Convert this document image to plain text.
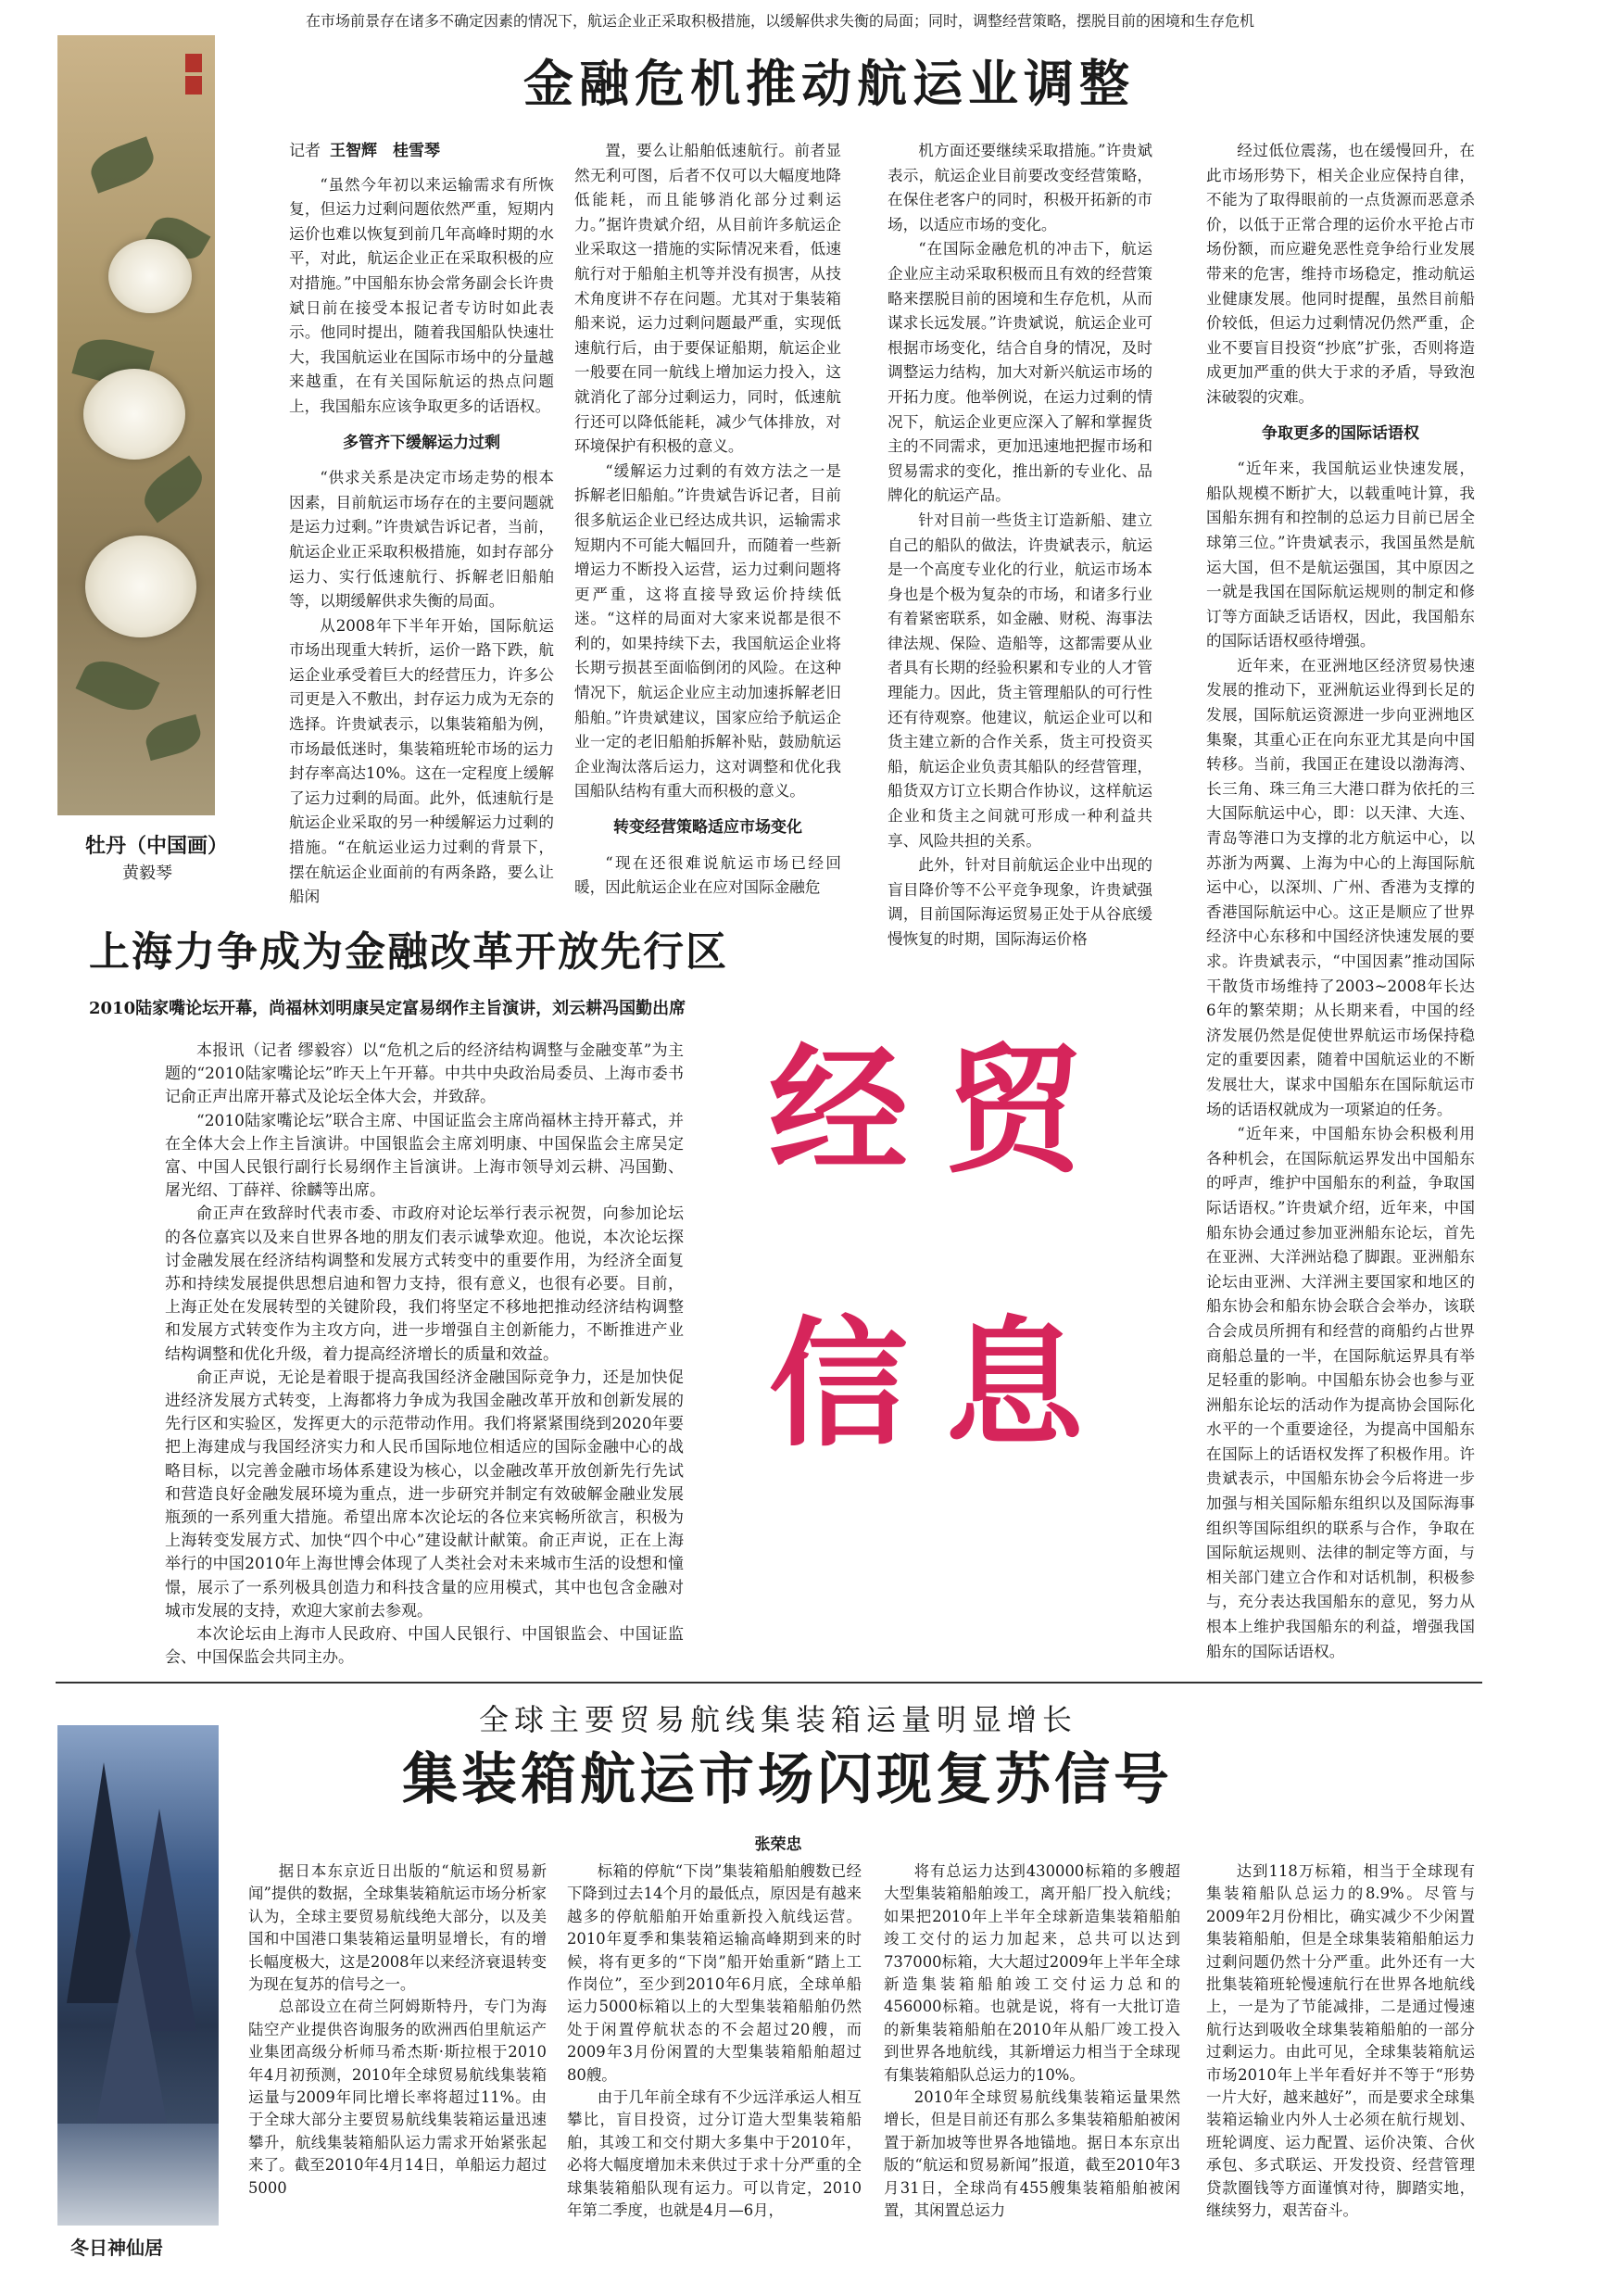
在市场前景存在诸多不确定因素的情况下，航运企业正采取积极措施，以缓解供求失衡的局面；同时，调整经营策略，摆脱目前的困境和生存危机
金融危机推动航运业调整
牡丹（中国画）
黄毅琴
记者 王智辉　桂雪琴

“虽然今年初以来运输需求有所恢复，但运力过剩问题依然严重，短期内运价也难以恢复到前几年高峰时期的水平，对此，航运企业正在采取积极的应对措施。”中国船东协会常务副会长许贵斌日前在接受本报记者专访时如此表示。他同时提出，随着我国船队快速壮大，我国航运业在国际市场中的分量越来越重，在有关国际航运的热点问题上，我国船东应该争取更多的话语权。

多管齐下缓解运力过剩

“供求关系是决定市场走势的根本因素，目前航运市场存在的主要问题就是运力过剩。”许贵斌告诉记者，当前，航运企业正采取积极措施，如封存部分运力、实行低速航行、拆解老旧船舶等，以期缓解供求失衡的局面。

从2008年下半年开始，国际航运市场出现重大转折，运价一路下跌，航运企业承受着巨大的经营压力，许多公司更是入不敷出，封存运力成为无奈的选择。许贵斌表示，以集装箱船为例，市场最低迷时，集装箱班轮市场的运力封存率高达10%。这在一定程度上缓解了运力过剩的局面。此外，低速航行是航运企业采取的另一种缓解运力过剩的措施。“在航运业运力过剩的背景下，摆在航运企业面前的有两条路，要么让船闲

置，要么让船舶低速航行。前者显然无利可图，后者不仅可以大幅度地降低能耗，而且能够消化部分过剩运力。”据许贵斌介绍，从目前许多航运企业采取这一措施的实际情况来看，低速航行对于船舶主机等并没有损害，从技术角度讲不存在问题。尤其对于集装箱船来说，运力过剩问题最严重，实现低速航行后，由于要保证船期，航运企业一般要在同一航线上增加运力投入，这就消化了部分过剩运力，同时，低速航行还可以降低能耗，减少气体排放，对环境保护有积极的意义。

“缓解运力过剩的有效方法之一是拆解老旧船舶。”许贵斌告诉记者，目前很多航运企业已经达成共识，运输需求短期内不可能大幅回升，而随着一些新增运力不断投入运营，运力过剩问题将更严重，这将直接导致运价持续低迷。“这样的局面对大家来说都是很不利的，如果持续下去，我国航运企业将长期亏损甚至面临倒闭的风险。在这种情况下，航运企业应主动加速拆解老旧船舶。”许贵斌建议，国家应给予航运企业一定的老旧船舶拆解补贴，鼓励航运企业淘汰落后运力，这对调整和优化我国船队结构有重大而积极的意义。

转变经营策略适应市场变化

“现在还很难说航运市场已经回暖，因此航运企业在应对国际金融危

机方面还要继续采取措施。”许贵斌表示，航运企业目前要改变经营策略，在保住老客户的同时，积极开拓新的市场，以适应市场的变化。

“在国际金融危机的冲击下，航运企业应主动采取积极而且有效的经营策略来摆脱目前的困境和生存危机，从而谋求长远发展。”许贵斌说，航运企业可根据市场变化，结合自身的情况，及时调整运力结构，加大对新兴航运市场的开拓力度。他举例说，在运力过剩的情况下，航运企业更应深入了解和掌握货主的不同需求，更加迅速地把握市场和贸易需求的变化，推出新的专业化、品牌化的航运产品。

针对目前一些货主订造新船、建立自己的船队的做法，许贵斌表示，航运是一个高度专业化的行业，航运市场本身也是个极为复杂的市场，和诸多行业有着紧密联系，如金融、财税、海事法律法规、保险、造船等，这都需要从业者具有长期的经验积累和专业的人才管理能力。因此，货主管理船队的可行性还有待观察。他建议，航运企业可以和货主建立新的合作关系，货主可投资买船，航运企业负责其船队的经营管理，船货双方订立长期合作协议，这样航运企业和货主之间就可形成一种利益共享、风险共担的关系。

此外，针对目前航运企业中出现的盲目降价等不公平竞争现象，许贵斌强调，目前国际海运贸易正处于从谷底缓慢恢复的时期，国际海运价格

经过低位震荡，也在缓慢回升，在此市场形势下，相关企业应保持自律，不能为了取得眼前的一点货源而恶意杀价，以低于正常合理的运价水平抢占市场份额，而应避免恶性竞争给行业发展带来的危害，维持市场稳定，推动航运业健康发展。他同时提醒，虽然目前船价较低，但运力过剩情况仍然严重，企业不要盲目投资“抄底”扩张，否则将造成更加严重的供大于求的矛盾，导致泡沫破裂的灾难。

争取更多的国际话语权

“近年来，我国航运业快速发展，船队规模不断扩大，以载重吨计算，我国船东拥有和控制的总运力目前已居全球第三位。”许贵斌表示，我国虽然是航运大国，但不是航运强国，其中原因之一就是我国在国际航运规则的制定和修订等方面缺乏话语权，因此，我国船东的国际话语权亟待增强。

近年来，在亚洲地区经济贸易快速发展的推动下，亚洲航运业得到长足的发展，国际航运资源进一步向亚洲地区集聚，其重心正在向东亚尤其是向中国转移。当前，我国正在建设以渤海湾、长三角、珠三角三大港口群为依托的三大国际航运中心，即：以天津、大连、青岛等港口为支撑的北方航运中心，以苏浙为两翼、上海为中心的上海国际航运中心，以深圳、广州、香港为支撑的香港国际航运中心。这正是顺应了世界经济中心东移和中国经济快速发展的要求。许贵斌表示，“中国因素”推动国际干散货市场维持了2003~2008年长达6年的繁荣期；从长期来看，中国的经济发展仍然是促使世界航运市场保持稳定的重要因素，随着中国航运业的不断发展壮大，谋求中国船东在国际航运市场的话语权就成为一项紧迫的任务。

“近年来，中国船东协会积极利用各种机会，在国际航运界发出中国船东的呼声，维护中国船东的利益，争取国际话语权。”许贵斌介绍，近年来，中国船东协会通过参加亚洲船东论坛，首先在亚洲、大洋洲站稳了脚跟。亚洲船东论坛由亚洲、大洋洲主要国家和地区的船东协会和船东协会联合会举办，该联合会成员所拥有和经营的商船约占世界商船总量的一半，在国际航运界具有举足轻重的影响。中国船东协会也参与亚洲船东论坛的活动作为提高协会国际化水平的一个重要途径，为提高中国船东在国际上的话语权发挥了积极作用。许贵斌表示，中国船东协会今后将进一步加强与相关国际船东组织以及国际海事组织等国际组织的联系与合作，争取在国际航运规则、法律的制定等方面，与相关部门建立合作和对话机制，积极参与，充分表达我国船东的意见，努力从根本上维护我国船东的利益，增强我国船东的国际话语权。

上海力争成为金融改革开放先行区
2010陆家嘴论坛开幕，尚福林刘明康吴定富易纲作主旨演讲，刘云耕冯国勤出席

本报讯（记者 缪毅容）以“危机之后的经济结构调整与金融变革”为主题的“2010陆家嘴论坛”昨天上午开幕。中共中央政治局委员、上海市委书记俞正声出席开幕式及论坛全体大会，并致辞。

“2010陆家嘴论坛”联合主席、中国证监会主席尚福林主持开幕式，并在全体大会上作主旨演讲。中国银监会主席刘明康、中国保监会主席吴定富、中国人民银行副行长易纲作主旨演讲。上海市领导刘云耕、冯国勤、屠光绍、丁薛祥、徐麟等出席。

俞正声在致辞时代表市委、市政府对论坛举行表示祝贺，向参加论坛的各位嘉宾以及来自世界各地的朋友们表示诚挚欢迎。他说，本次论坛探讨金融发展在经济结构调整和发展方式转变中的重要作用，为经济全面复苏和持续发展提供思想启迪和智力支持，很有意义，也很有必要。目前，上海正处在发展转型的关键阶段，我们将坚定不移地把推动经济结构调整和发展方式转变作为主攻方向，进一步增强自主创新能力，不断推进产业结构调整和优化升级，着力提高经济增长的质量和效益。

俞正声说，无论是着眼于提高我国经济金融国际竞争力，还是加快促进经济发展方式转变，上海都将力争成为我国金融改革开放和创新发展的先行区和实验区，发挥更大的示范带动作用。我们将紧紧围绕到2020年要把上海建成与我国经济实力和人民币国际地位相适应的国际金融中心的战略目标，以完善金融市场体系建设为核心，以金融改革开放创新先行先试和营造良好金融发展环境为重点，进一步研究并制定有效破解金融业发展瓶颈的一系列重大措施。希望出席本次论坛的各位来宾畅所欲言，积极为上海转变发展方式、加快“四个中心”建设献计献策。俞正声说，正在上海举行的中国2010年上海世博会体现了人类社会对未来城市生活的设想和憧憬，展示了一系列极具创造力和科技含量的应用模式，其中也包含金融对城市发展的支持，欢迎大家前去参观。

本次论坛由上海市人民政府、中国人民银行、中国银监会、中国证监会、中国保监会共同主办。

经贸
信息
全球主要贸易航线集装箱运量明显增长
集装箱航运市场闪现复苏信号
张荣忠
冬日神仙居

据日本东京近日出版的“航运和贸易新闻”提供的数据，全球集装箱航运市场分析家认为，全球主要贸易航线绝大部分，以及美国和中国港口集装箱运量明显增长，有的增长幅度极大，这是2008年以来经济衰退转变为现在复苏的信号之一。

总部设立在荷兰阿姆斯特丹，专门为海陆空产业提供咨询服务的欧洲西伯里航运产业集团高级分析师马希杰斯·斯拉根于2010年4月初预测，2010年全球贸易航线集装箱运量与2009年同比增长率将超过11%。由于全球大部分主要贸易航线集装箱运量迅速攀升，航线集装箱船队运力需求开始紧张起来了。截至2010年4月14日，单船运力超过5000

标箱的停航“下岗”集装箱船舶艘数已经下降到过去14个月的最低点，原因是有越来越多的停航船舶开始重新投入航线运营。2010年夏季和集装箱运输高峰期到来的时候，将有更多的“下岗”船开始重新“踏上工作岗位”，至少到2010年6月底，全球单船运力5000标箱以上的大型集装箱船舶仍然处于闲置停航状态的不会超过20艘，而2009年3月份闲置的大型集装箱船舶超过80艘。

由于几年前全球有不少远洋承运人相互攀比，盲目投资，过分订造大型集装箱船舶，其竣工和交付期大多集中于2010年，必将大幅度增加未来供过于求十分严重的全球集装箱船队现有运力。可以肯定，2010年第二季度，也就是4月—6月，

将有总运力达到430000标箱的多艘超大型集装箱船舶竣工，离开船厂投入航线；如果把2010年上半年全球新造集装箱船舶竣工交付的运力加起来，总共可以达到737000标箱，大大超过2009年上半年全球新造集装箱船舶竣工交付运力总和的456000标箱。也就是说，将有一大批订造的新集装箱船舶在2010年从船厂竣工投入到世界各地航线，其新增运力相当于全球现有集装箱船队总运力的10%。

2010年全球贸易航线集装箱运量果然增长，但是目前还有那么多集装箱船舶被闲置于新加坡等世界各地锚地。据日本东京出版的“航运和贸易新闻”报道，截至2010年3月31日，全球尚有455艘集装箱船舶被闲置，其闲置总运力

达到118万标箱，相当于全球现有集装箱船队总运力的8.9%。尽管与2009年2月份相比，确实减少不少闲置集装箱船舶，但是全球集装箱船舶运力过剩问题仍然十分严重。此外还有一大批集装箱班轮慢速航行在世界各地航线上，一是为了节能减排，二是通过慢速航行达到吸收全球集装箱船舶的一部分过剩运力。由此可见，全球集装箱航运市场2010年上半年看好并不等于“形势一片大好，越来越好”，而是要求全球集装箱运输业内外人士必须在航行规划、班轮调度、运力配置、运价决策、合伙承包、多式联运、开发投资、经营管理贷款圈钱等方面谨慎对待，脚踏实地，继续努力，艰苦奋斗。
